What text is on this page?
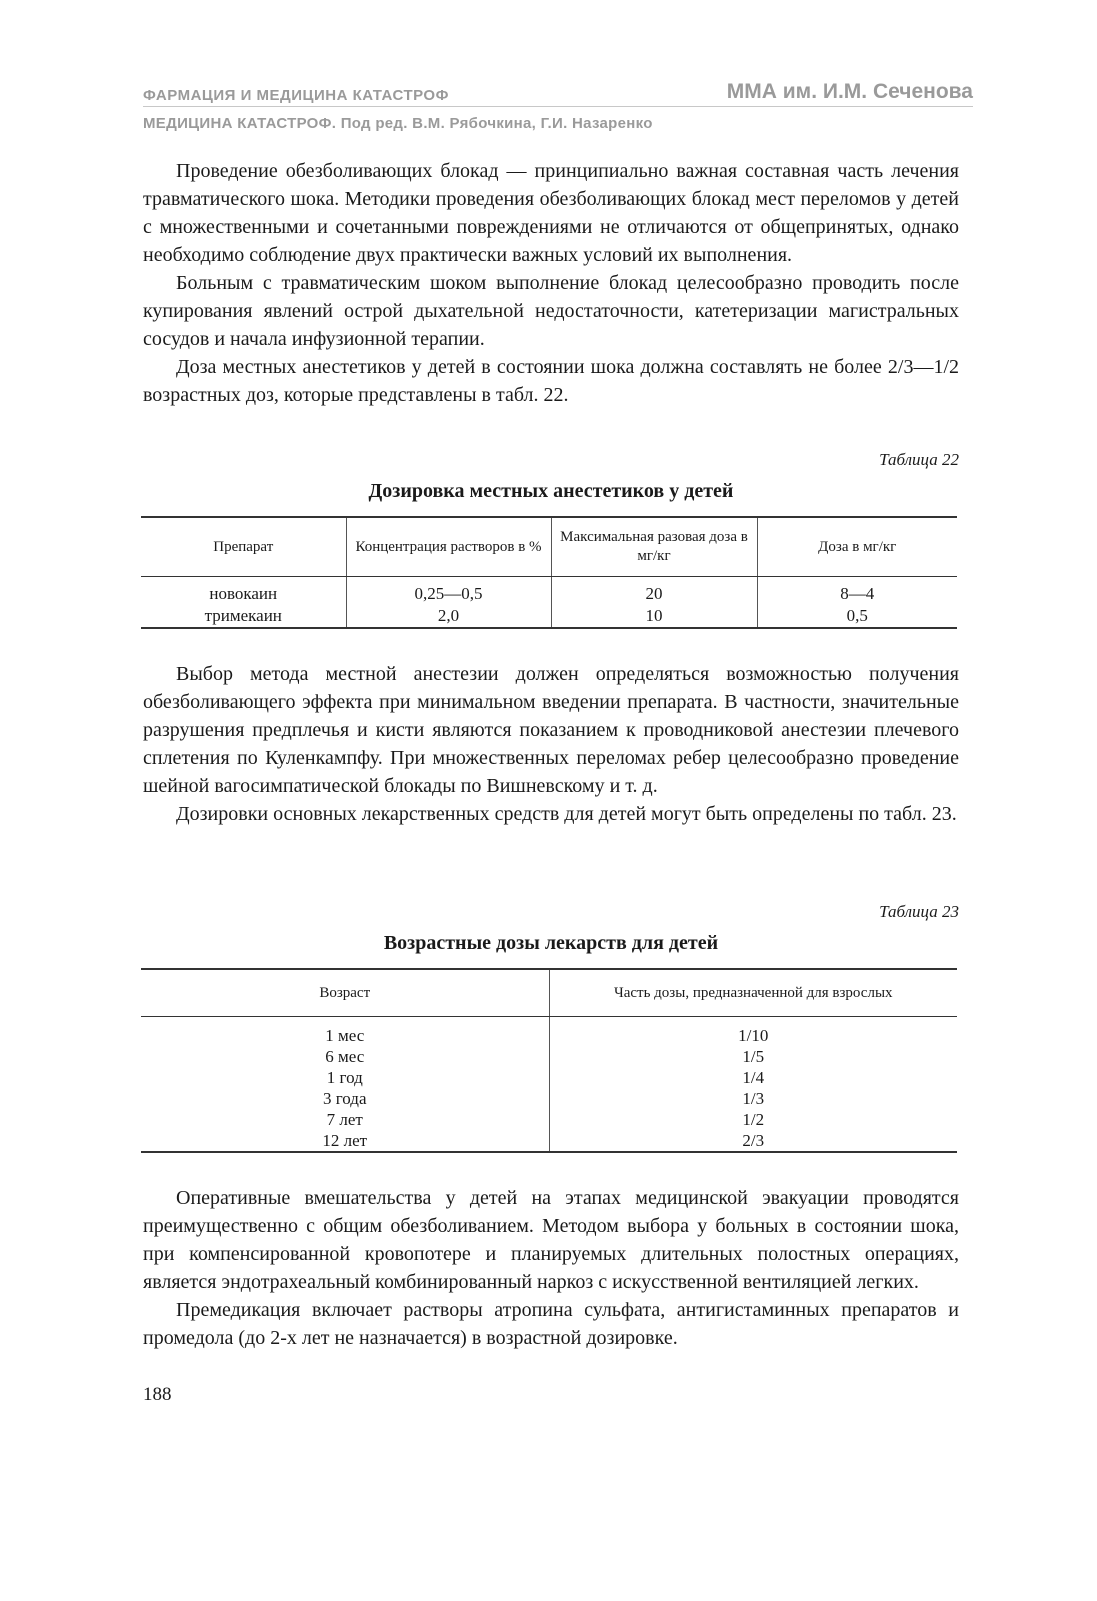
ФАРМАЦИЯ И МЕДИЦИНА КАТАСТРОФ	ММА им. И.М. Сеченова
МЕДИЦИНА КАТАСТРОФ. Под ред. В.М. Рябочкина, Г.И. Назаренко

Проведение обезболивающих блокад — принципиально важная составная часть лечения травматического шока. Методики проведения обезболивающих блокад мест переломов у детей с множественными и сочетанными повреждениями не отличаются от общепринятых, однако необходимо соблюдение двух практически важных условий их выполнения.

Больным с травматическим шоком выполнение блокад целесообразно проводить после купирования явлений острой дыхательной недостаточности, катетеризации магистральных сосудов и начала инфузионной терапии.

Доза местных анестетиков у детей в состоянии шока должна составлять не более 2/3—1/2 возрастных доз, которые представлены в табл. 22.

Таблица 22
Дозировка местных анестетиков у детей
Препарат	Концентрация растворов в %	Максимальная разовая доза в мг/кг	Доза в мг/кг
новокаин	0,25—0,5	20	8—4
тримекаин	2,0	10	0,5

Выбор метода местной анестезии должен определяться возможностью получения обезболивающего эффекта при минимальном введении препарата. В частности, значительные разрушения предплечья и кисти являются показанием к проводниковой анестезии плечевого сплетения по Куленкампфу. При множественных переломах ребер целесообразно проведение шейной вагосимпатической блокады по Вишневскому и т. д.

Дозировки основных лекарственных средств для детей могут быть определены по табл. 23.

Таблица 23
Возрастные дозы лекарств для детей
Возраст	Часть дозы, предназначенной для взрослых
1 мес	1/10
6 мес	1/5
1 год	1/4
3 года	1/3
7 лет	1/2
12 лет	2/3

Оперативные вмешательства у детей на этапах медицинской эвакуации проводятся преимущественно с общим обезболиванием. Методом выбора у больных в состоянии шока, при компенсированной кровопотере и планируемых длительных полостных операциях, является эндотрахеальный комбинированный наркоз с искусственной вентиляцией легких.

Премедикация включает растворы атропина сульфата, антигистаминных препаратов и промедола (до 2-х лет не назначается) в возрастной дозировке.

188
